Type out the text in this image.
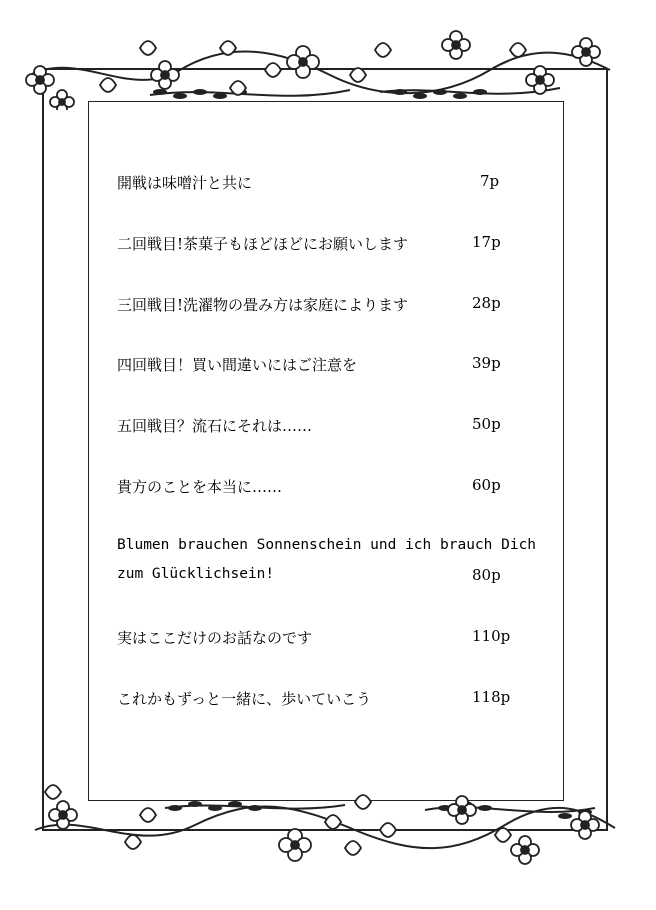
開戦は味噌汁と共に	7p
二回戦目!茶菓子もほどほどにお願いします	17p
三回戦目!洗濯物の畳み方は家庭によります	28p
四回戦目！買い間違いにはご注意を	39p
五回戦目？流石にそれは……	50p
貴方のことを本当に……	60p
Blumen brauchen Sonnenschein und ich brauch Dich
zum Glücklichsein!	80p
実はここだけのお話なのです	110p
これかもずっと一緒に、歩いていこう	118p
